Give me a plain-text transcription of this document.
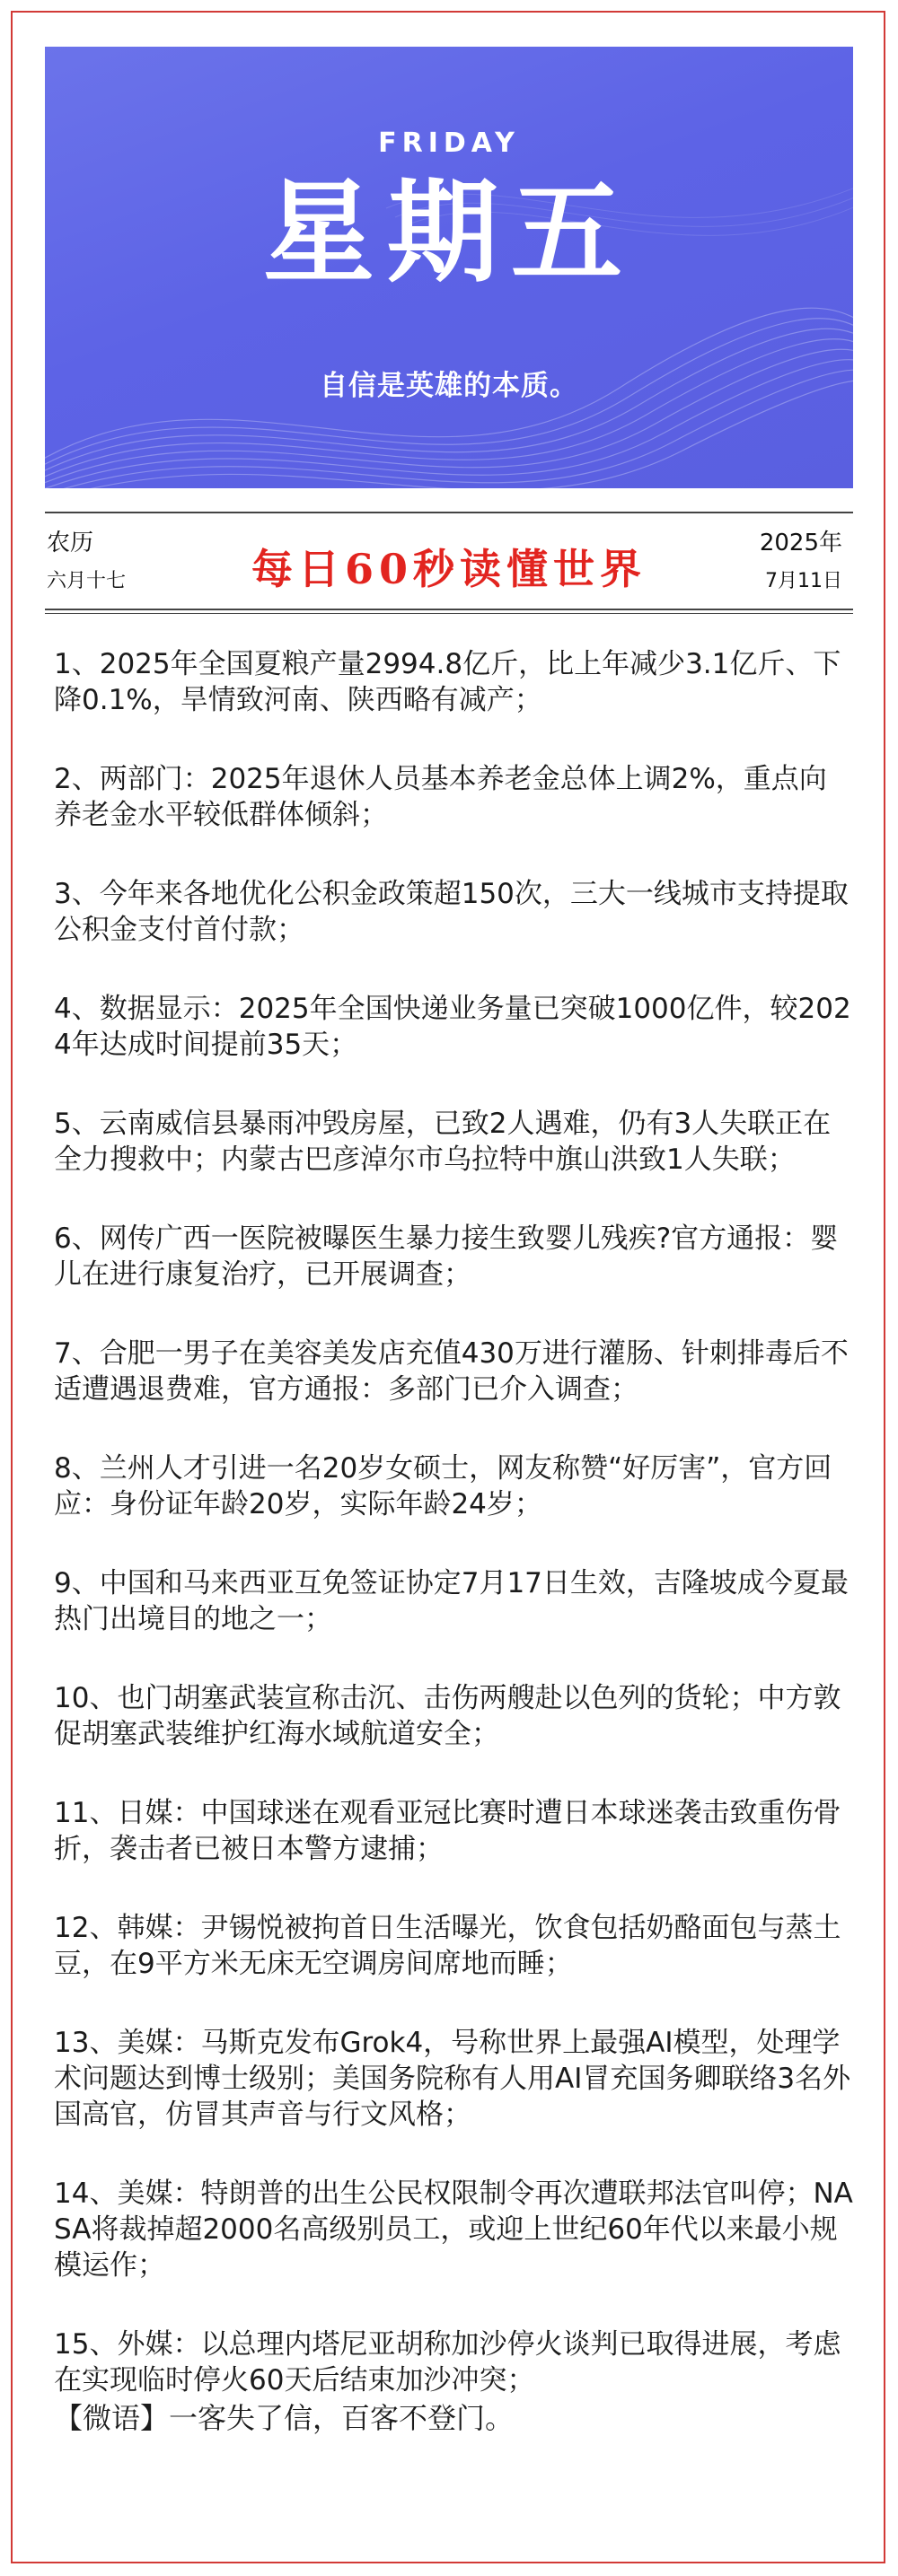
FRIDAY
星期五
自信是英雄的本质。
农历
六月十七	每日60秒读懂世界
2025年
7月11日

1、2025年全国夏粮产量2994.8亿斤，比上年减少3.1亿斤、下降0.1%，旱情致河南、陕西略有减产；

2、两部门：2025年退休人员基本养老金总体上调2%，重点向养老金水平较低群体倾斜；

3、今年来各地优化公积金政策超150次，三大一线城市支持提取公积金支付首付款；

4、数据显示：2025年全国快递业务量已突破1000亿件，较2024年达成时间提前35天；

5、云南威信县暴雨冲毁房屋，已致2人遇难，仍有3人失联正在全力搜救中；内蒙古巴彦淖尔市乌拉特中旗山洪致1人失联；

6、网传广西一医院被曝医生暴力接生致婴儿残疾?官方通报：婴儿在进行康复治疗，已开展调查；

7、合肥一男子在美容美发店充值430万进行灌肠、针刺排毒后不适遭遇退费难，官方通报：多部门已介入调查；

8、兰州人才引进一名20岁女硕士，网友称赞“好厉害”，官方回应：身份证年龄20岁，实际年龄24岁；

9、中国和马来西亚互免签证协定7月17日生效，吉隆坡成今夏最热门出境目的地之一；

10、也门胡塞武装宣称击沉、击伤两艘赴以色列的货轮；中方敦促胡塞武装维护红海水域航道安全；

11、日媒：中国球迷在观看亚冠比赛时遭日本球迷袭击致重伤骨折，袭击者已被日本警方逮捕；

12、韩媒：尹锡悦被拘首日生活曝光，饮食包括奶酪面包与蒸土豆，在9平方米无床无空调房间席地而睡；

13、美媒：马斯克发布Grok4，号称世界上最强AI模型，处理学术问题达到博士级别；美国务院称有人用AI冒充国务卿联络3名外国高官，仿冒其声音与行文风格；

14、美媒：特朗普的出生公民权限制令再次遭联邦法官叫停；NASA将裁掉超2000名高级别员工，或迎上世纪60年代以来最小规模运作；

15、外媒：以总理内塔尼亚胡称加沙停火谈判已取得进展，考虑在实现临时停火60天后结束加沙冲突；

【微语】一客失了信，百客不登门。
